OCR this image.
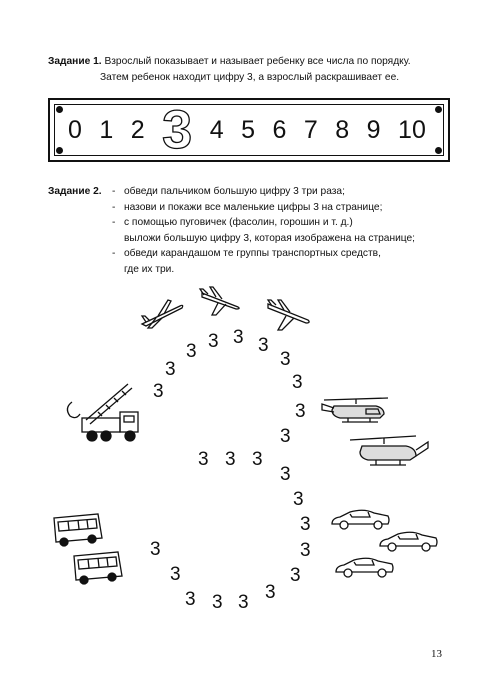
Задание 1. Взрослый показывает и называет ребенку все числа по порядку.
Затем ребенок находит цифру 3, а взрослый раскрашивает ее.
0 1 2 3 4 5 6 7 8 9 10
Задание 2.	- обведи пальчиком большую цифру 3 три раза;
- назови и покажи все маленькие цифры 3 на странице;
- с помощью пуговичек (фасолин, горошин и т. д.)
выложи большую цифру 3, которая изображена на странице;
- обведи карандашом те группы транспортных средств,
где их три.
3 3 3 3
3
3
3
3
3
3
3 3 3
3
3
3
3
3
3
3
3
3 3 3
13
